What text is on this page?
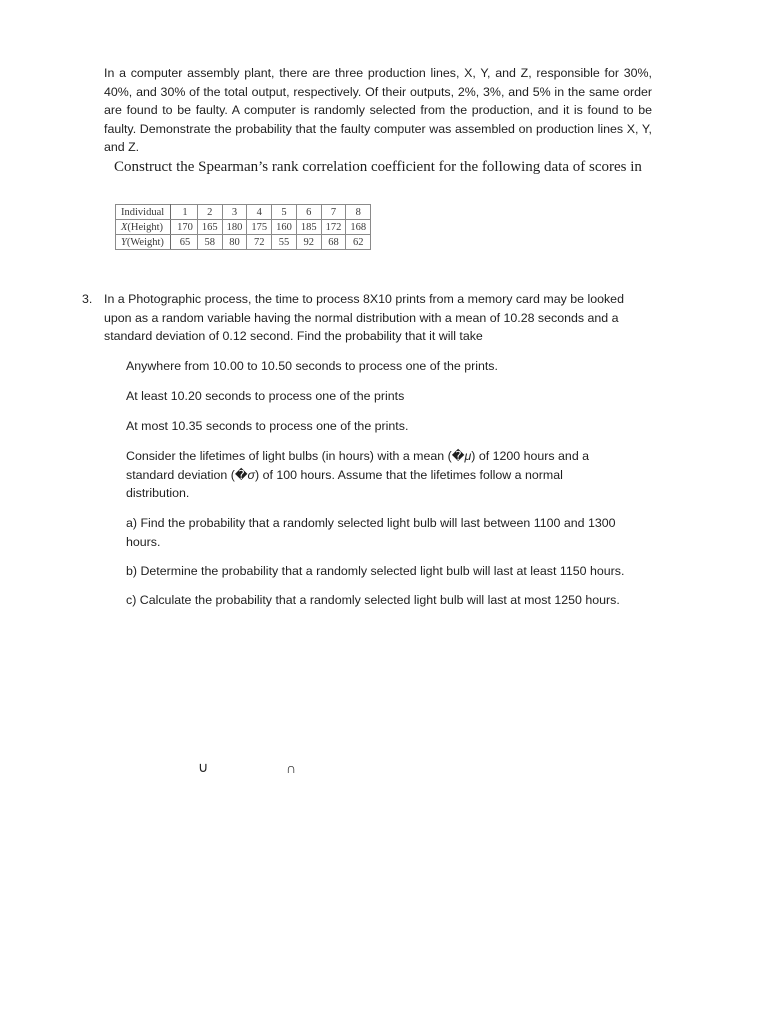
In a computer assembly plant, there are three production lines, X, Y, and Z, responsible for 30%, 40%, and 30% of the total output, respectively. Of their outputs, 2%, 3%, and 5% in the same order are found to be faulty. A computer is randomly selected from the production, and it is found to be faulty. Demonstrate the probability that the faulty computer was assembled on production lines X, Y, and Z.

Construct the Spearman’s rank correlation coefficient for the following data of scores in
Individual	1	2	3	4	5	6	7	8
X(Height)	170	165	180	175	160	185	172	168
Y(Weight)	65	58	80	72	55	92	68	62
3. In a Photographic process, the time to process 8X10 prints from a memory card may be looked upon as a random variable having the normal distribution with a mean of 10.28 seconds and a standard deviation of 0.12 second. Find the probability that it will take

Anywhere from 10.00 to 10.50 seconds to process one of the prints.

At least 10.20 seconds to process one of the prints

At most 10.35 seconds to process one of the prints.

Consider the lifetimes of light bulbs (in hours) with a mean (�μ) of 1200 hours and a standard deviation (�σ) of 100 hours. Assume that the lifetimes follow a normal distribution.

a) Find the probability that a randomly selected light bulb will last between 1100 and 1300 hours.

b) Determine the probability that a randomly selected light bulb will last at least 1150 hours.

c) Calculate the probability that a randomly selected light bulb will last at most 1250 hours.

∪	∩
